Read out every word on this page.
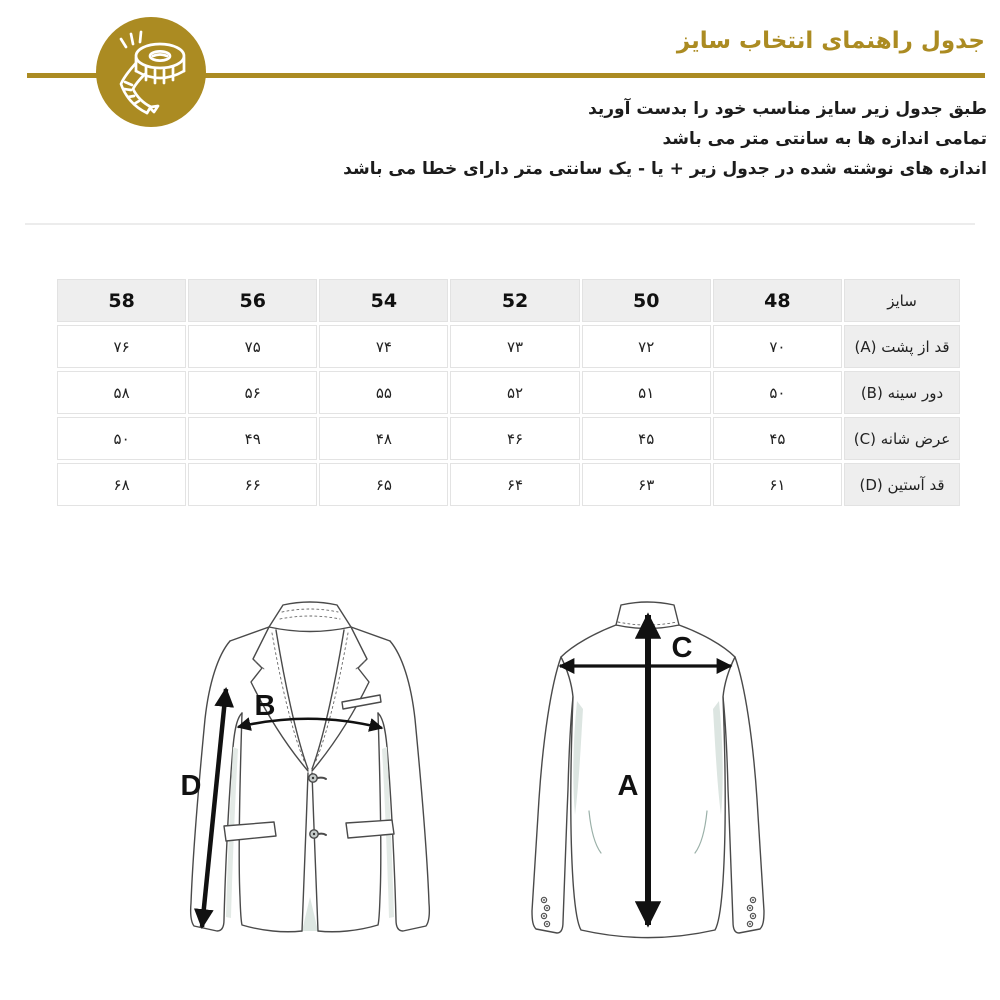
جدول راهنمای انتخاب سایز
طبق جدول زیر سایز مناسب خود را بدست آورید
تمامی اندازه ها به سانتی متر می باشد
اندازه های نوشته شده در جدول زیر + یا - یک سانتی متر دارای خطا می باشد
58	56	54	52	50	48	سایز
۷۶	۷۵	۷۴	۷۳	۷۲	۷۰	قد از پشت (A)
۵۸	۵۶	۵۵	۵۲	۵۱	۵۰	دور سینه (B)
۵۰	۴۹	۴۸	۴۶	۴۵	۴۵	عرض شانه (C)
۶۸	۶۶	۶۵	۶۴	۶۳	۶۱	قد آستین (D)
B
D	A
C
